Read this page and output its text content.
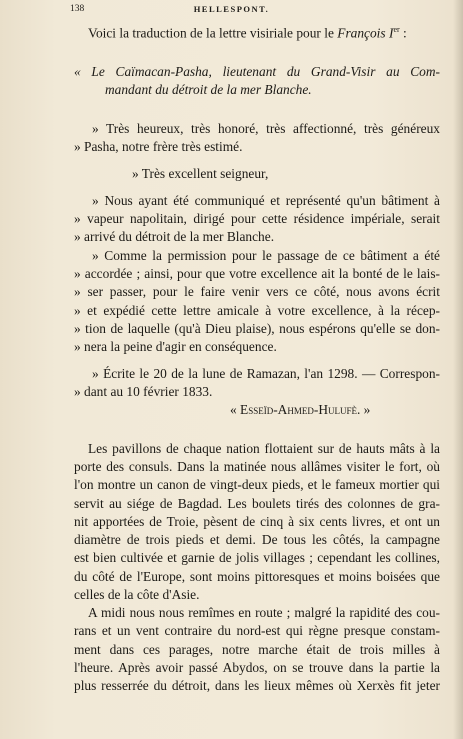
138	HELLESPONT.
Voici la traduction de la lettre visiriale pour le François Ier :
« Le Caïmacan-Pasha, lieutenant du Grand-Visir au Com-
mandant du détroit de la mer Blanche.
» Très heureux, très honoré, très affectionné, très généreux
» Pasha, notre frère très estimé.
» Très excellent seigneur,
» Nous ayant été communiqué et représenté qu'un bâtiment à
» vapeur napolitain, dirigé pour cette résidence impériale, serait
» arrivé du détroit de la mer Blanche.
» Comme la permission pour le passage de ce bâtiment a été
» accordée ; ainsi, pour que votre excellence ait la bonté de le lais-
» ser passer, pour le faire venir vers ce côté, nous avons écrit
» et expédié cette lettre amicale à votre excellence, à la récep-
» tion de laquelle (qu'à Dieu plaise), nous espérons qu'elle se don-
» nera la peine d'agir en conséquence.
» Écrite le 20 de la lune de Ramazan, l'an 1298. — Correspon-
» dant au 10 février 1833.
« Esseïd-Ahmed-Hulufè. »
Les pavillons de chaque nation flottaient sur de hauts mâts à la
porte des consuls. Dans la matinée nous allâmes visiter le fort, où
l'on montre un canon de vingt-deux pieds, et le fameux mortier qui
servit au siége de Bagdad. Les boulets tirés des colonnes de gra-
nit apportées de Troie, pèsent de cinq à six cents livres, et ont un
diamètre de trois pieds et demi. De tous les côtés, la campagne
est bien cultivée et garnie de jolis villages ; cependant les collines,
du côté de l'Europe, sont moins pittoresques et moins boisées que
celles de la côte d'Asie.
A midi nous nous remîmes en route ; malgré la rapidité des cou-
rans et un vent contraire du nord-est qui règne presque constam-
ment dans ces parages, notre marche était de trois milles à
l'heure. Après avoir passé Abydos, on se trouve dans la partie la
plus resserrée du détroit, dans les lieux mêmes où Xerxès fit jeter
